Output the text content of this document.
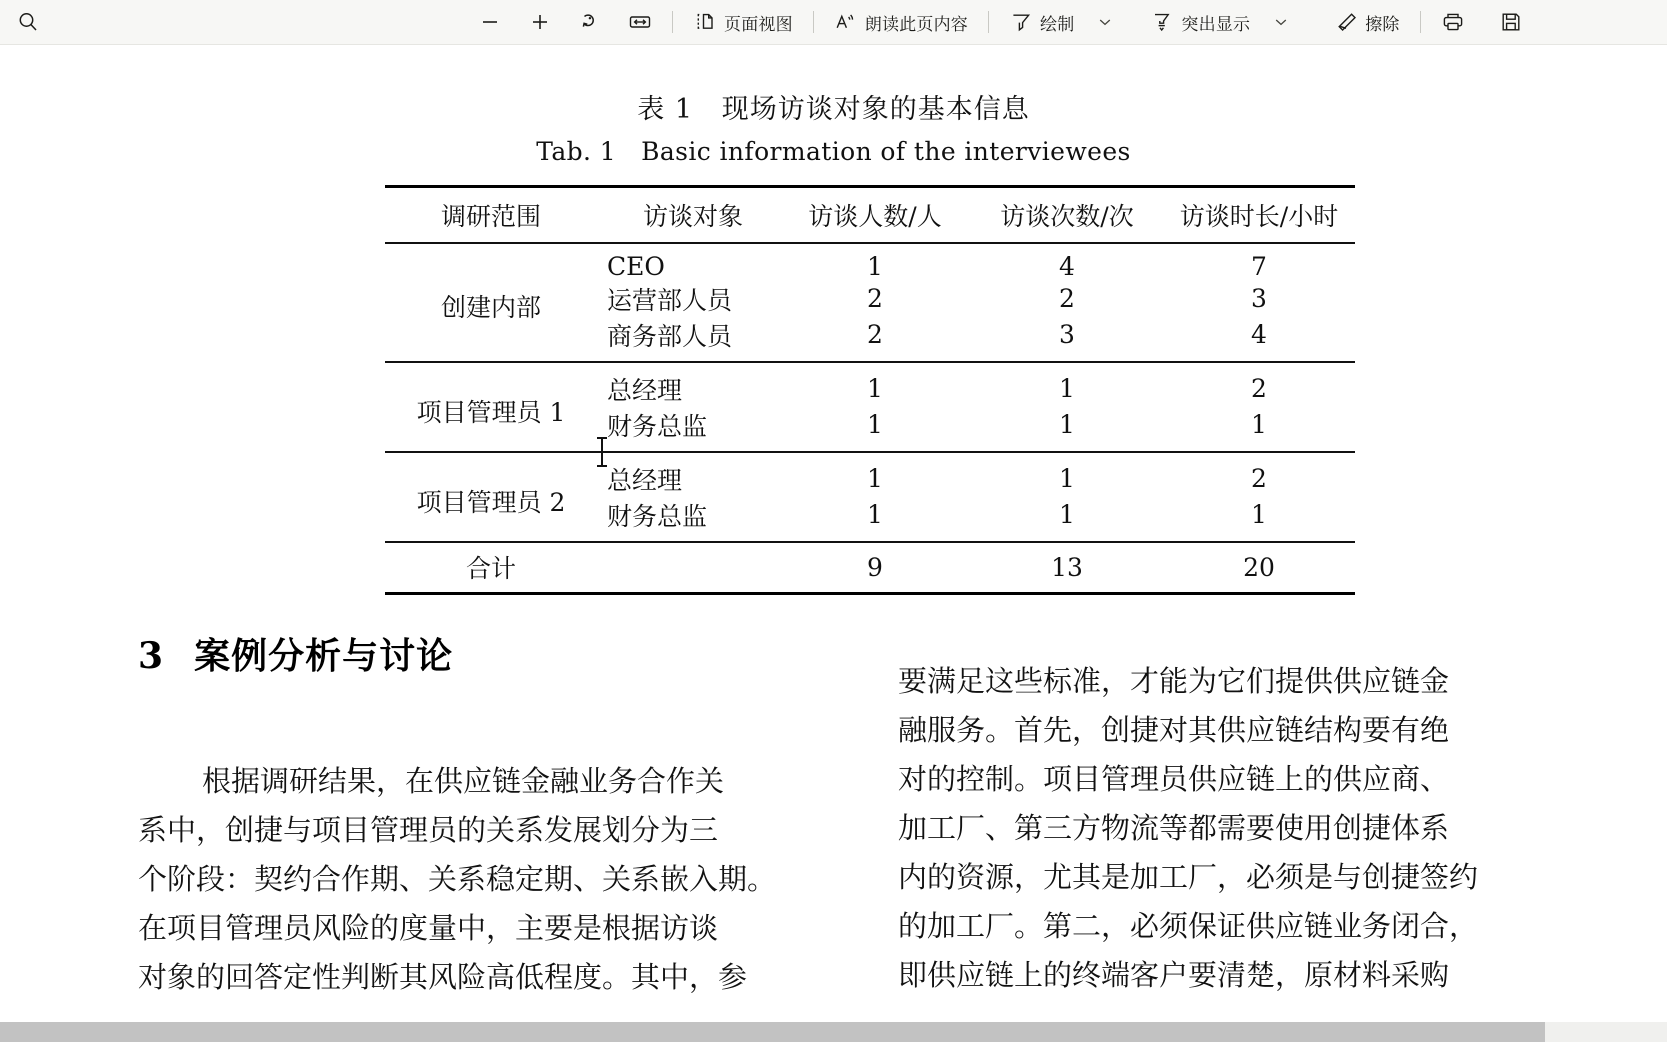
页面视图	朗读此页内容	绘制	突出显示	擦除
表 1   现场访谈对象的基本信息
Tab. 1   Basic information of the interviewees
调研范围	访谈对象	访谈人数/人	访谈次数/次	访谈时长/小时
创建内部	CEO	1	4	7
	运营部人员	2	2	3
	商务部人员	2	3	4
项目管理员 1	总经理	1	1	2
	财务总监	1	1	1
项目管理员 2	总经理	1	1	2
	财务总监	1	1	1
合计		9	13	20
3 案例分析与讨论
根据调研结果，在供应链金融业务合作关
系中，创捷与项目管理员的关系发展划分为三
个阶段：契约合作期、关系稳定期、关系嵌入期。
在项目管理员风险的度量中，主要是根据访谈
对象的回答定性判断其风险高低程度。其中，参
要满足这些标准，才能为它们提供供应链金
融服务。首先，创捷对其供应链结构要有绝
对的控制。项目管理员供应链上的供应商、
加工厂、第三方物流等都需要使用创捷体系
内的资源，尤其是加工厂，必须是与创捷签约
的加工厂。第二，必须保证供应链业务闭合，
即供应链上的终端客户要清楚，原材料采购
